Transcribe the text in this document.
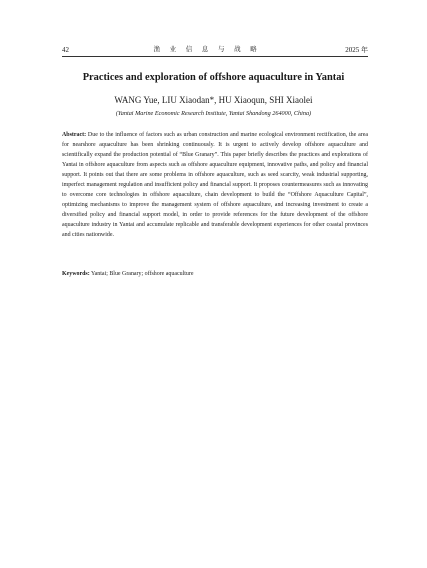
42	渔 业 信 息 与 战 略	2025 年
Practices and exploration of offshore aquaculture in Yantai
WANG Yue, LIU Xiaodan*, HU Xiaoqun, SHI Xiaolei
(Yantai Marine Economic Research Institute, Yantai Shandong 264000, China)
Abstract: Due to the influence of factors such as urban construction and marine ecological environment rectification, the area for nearshore aquaculture has been shrinking continuously. It is urgent to actively develop offshore aquaculture and scientifically expand the production potential of “Blue Granary”. This paper briefly describes the practices and explorations of Yantai in offshore aquaculture from aspects such as offshore aquaculture equipment, innovative paths, and policy and financial support. It points out that there are some problems in offshore aquaculture, such as seed scarcity, weak industrial supporting, imperfect management regulation and insufficient policy and financial support. It proposes countermeasures such as innovating to overcome core technologies in offshore aquaculture, chain development to build the “Offshore Aquaculture Capital”, optimizing mechanisms to improve the management system of offshore aquaculture, and increasing investment to create a diversified policy and financial support model, in order to provide references for the future development of the offshore aquaculture industry in Yantai and accumulate replicable and transferable development experiences for other coastal provinces and cities nationwide.
Keywords: Yantai; Blue Granary; offshore aquaculture
